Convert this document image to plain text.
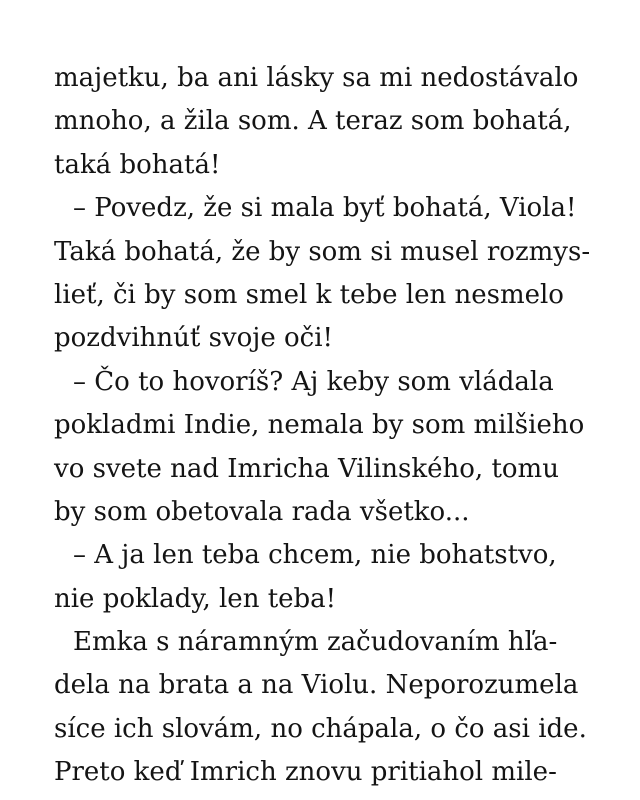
majetku, ba ani lásky sa mi nedostávalo
mnoho, a žila som. A teraz som bohatá,
taká bohatá!
– Povedz, že si mala byť bohatá, Viola!
Taká bohatá, že by som si musel rozmys-
lieť, či by som smel k tebe len nesmelo
pozdvihnúť svoje oči!
– Čo to hovoríš? Aj keby som vládala
pokladmi Indie, nemala by som milšieho
vo svete nad Imricha Vilinského, tomu
by som obetovala rada všetko...
– A ja len teba chcem, nie bohatstvo,
nie poklady, len teba!
Emka s náramným začudovaním hľa-
dela na brata a na Violu. Neporozumela
síce ich slovám, no chápala, o čo asi ide.
Preto keď Imrich znovu pritiahol mile-
